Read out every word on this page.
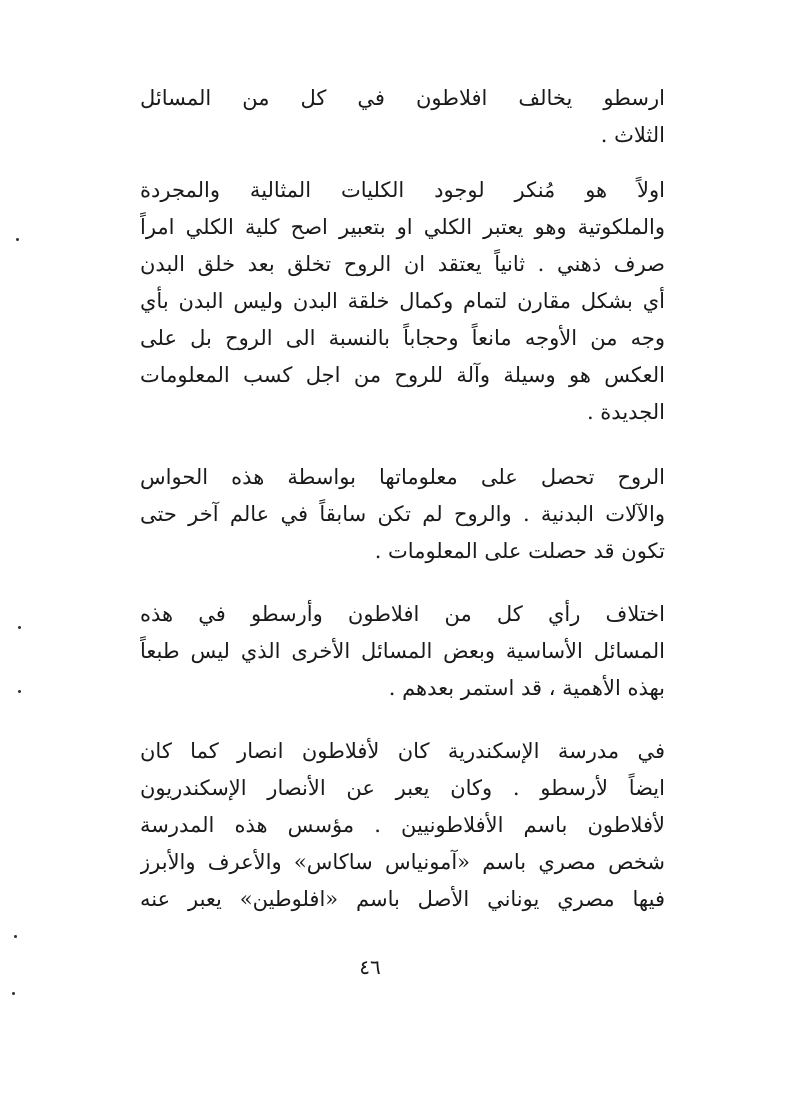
ارسطو يخالف افلاطون في كل من المسائل
الثلاث .
اولاً هو مُنكر لوجود الكليات المثالية والمجردة
والملكوتية وهو يعتبر الكلي او بتعبير اصح كلية الكلي امراً
صرف ذهني . ثانياً يعتقد ان الروح تخلق بعد خلق البدن
أي بشكل مقارن لتمام وكمال خلقة البدن وليس البدن بأي
وجه من الأوجه مانعاً وحجاباً بالنسبة الى الروح بل على
العكس هو وسيلة وآلة للروح من اجل كسب المعلومات
الجديدة .
الروح تحصل على معلوماتها بواسطة هذه الحواس
والآلات البدنية . والروح لم تكن سابقاً في عالم آخر حتى
تكون قد حصلت على المعلومات .
اختلاف رأي كل من افلاطون وأرسطو في هذه
المسائل الأساسية وبعض المسائل الأخرى الذي ليس طبعاً
بهذه الأهمية ، قد استمر بعدهم .
في مدرسة الإسكندرية كان لأفلاطون انصار كما كان
ايضاً لأرسطو . وكان يعبر عن الأنصار الإسكندريون
لأفلاطون باسم الأفلاطونيين . مؤسس هذه المدرسة
شخص مصري باسم «آمونياس ساكاس» والأعرف والأبرز
فيها مصري يوناني الأصل باسم «افلوطين» يعبر عنه
٤٦
